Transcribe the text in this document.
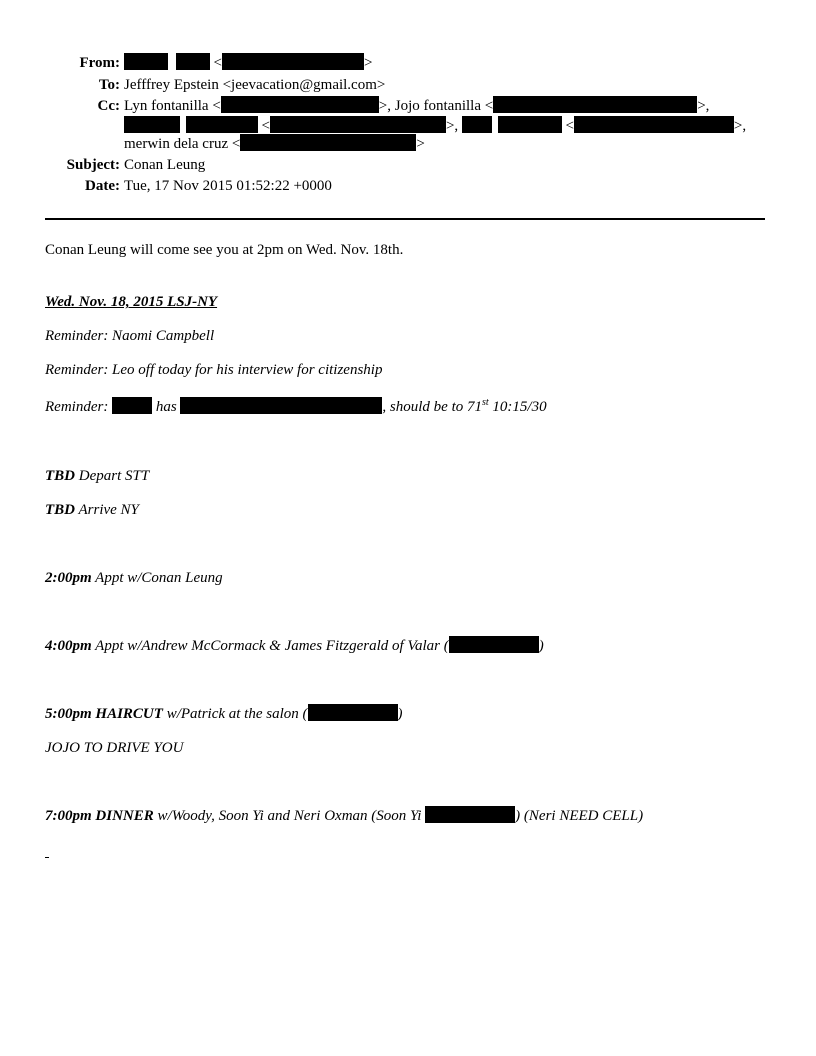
From:	<	>
To: Jefffrey Epstein <jeevacation@gmail.com>
Cc: Lyn fontanilla <	>, Jojo fontanilla <	>,
<	>,	<	>,
merwin dela cruz <	>
Subject: Conan Leung
Date: Tue, 17 Nov 2015 01:52:22 +0000
Conan Leung will come see you at 2pm on Wed. Nov. 18th.
Wed. Nov. 18, 2015 LSJ-NY
Reminder: Naomi Campbell
Reminder: Leo off today for his interview for citizenship
Reminder:	has	, should be to 71st 10:15/30
TBD Depart STT
TBD Arrive NY
2:00pm Appt w/Conan Leung
4:00pm Appt w/Andrew McCormack & James Fitzgerald of Valar (	)
5:00pm HAIRCUT w/Patrick at the salon (	)
JOJO TO DRIVE YOU
7:00pm DINNER w/Woody, Soon Yi and Neri Oxman (Soon Yi	) (Neri NEED CELL)
